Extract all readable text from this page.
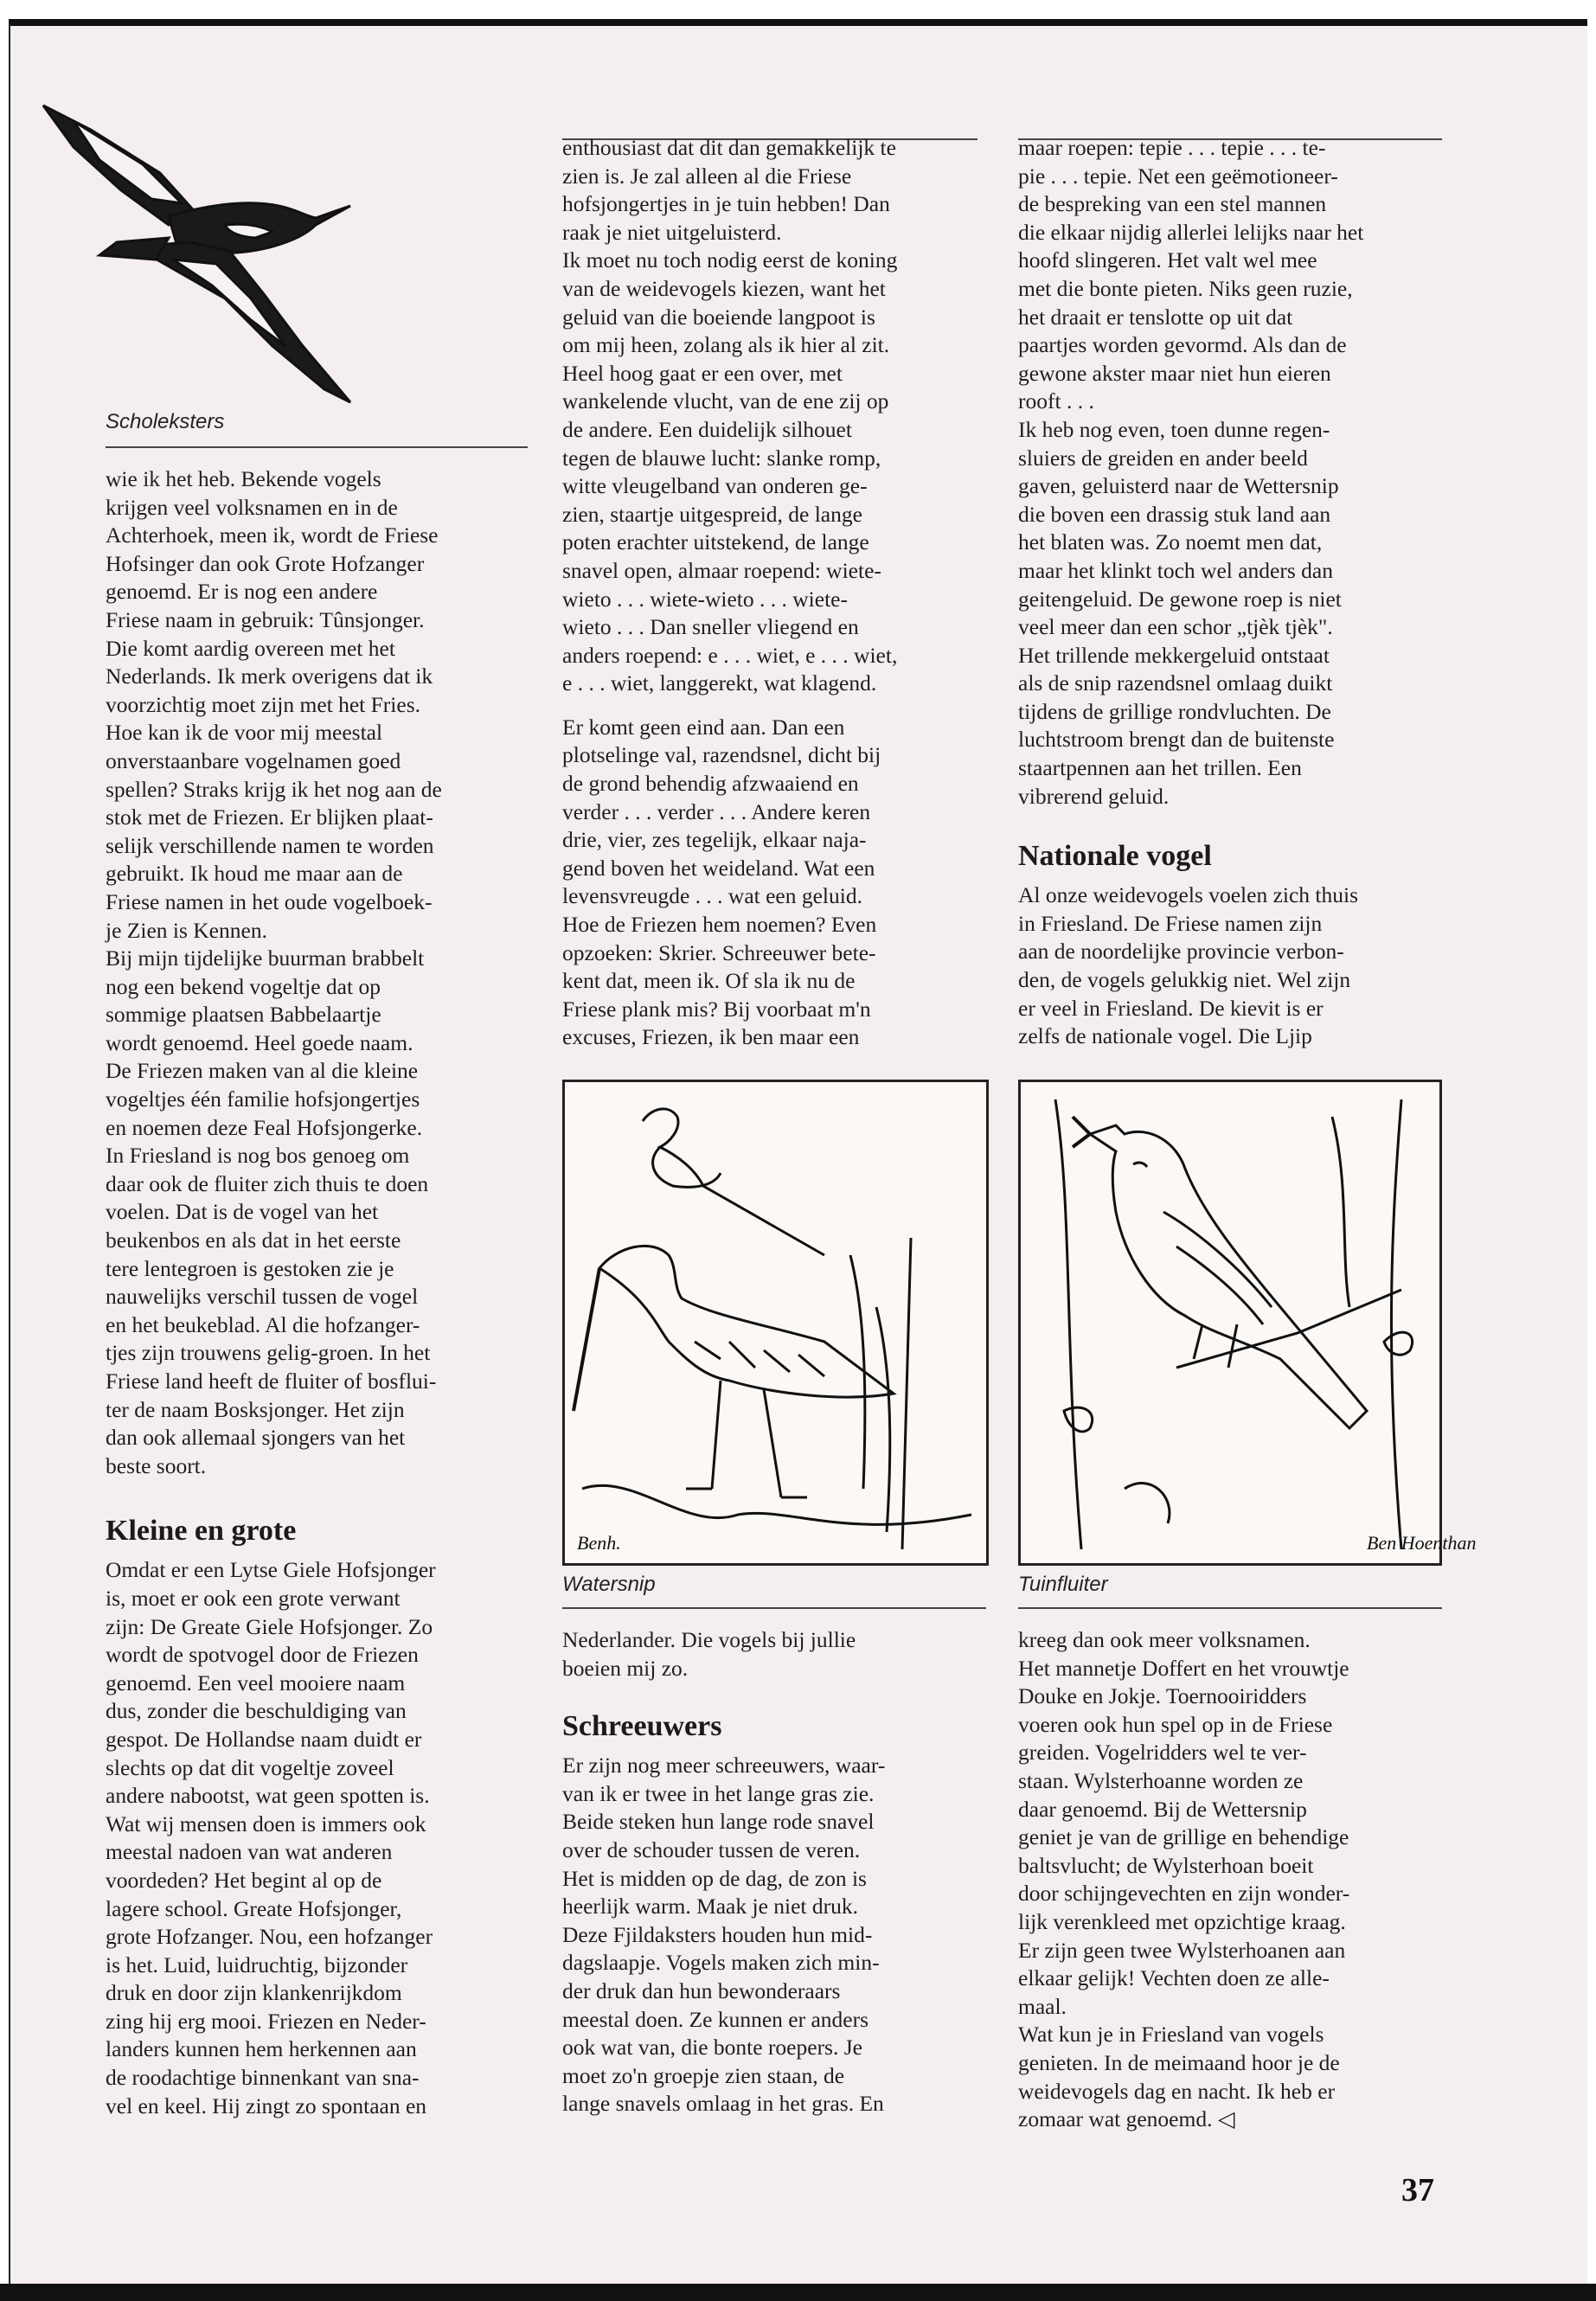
Scholeksters

wie ik het heb. Bekende vogels
krijgen veel volksnamen en in de
Achterhoek, meen ik, wordt de Friese
Hofsinger dan ook Grote Hofzanger
genoemd. Er is nog een andere
Friese naam in gebruik: Tûnsjonger.
Die komt aardig overeen met het
Nederlands. Ik merk overigens dat ik
voorzichtig moet zijn met het Fries.
Hoe kan ik de voor mij meestal
onverstaanbare vogelnamen goed
spellen? Straks krijg ik het nog aan de
stok met de Friezen. Er blijken plaat-
selijk verschillende namen te worden
gebruikt. Ik houd me maar aan de
Friese namen in het oude vogelboek-
je Zien is Kennen.
Bij mijn tijdelijke buurman brabbelt
nog een bekend vogeltje dat op
sommige plaatsen Babbelaartje
wordt genoemd. Heel goede naam.
De Friezen maken van al die kleine
vogeltjes één familie hofsjongertjes
en noemen deze Feal Hofsjongerke.
In Friesland is nog bos genoeg om
daar ook de fluiter zich thuis te doen
voelen. Dat is de vogel van het
beukenbos en als dat in het eerste
tere lentegroen is gestoken zie je
nauwelijks verschil tussen de vogel
en het beukeblad. Al die hofzanger-
tjes zijn trouwens gelig-groen. In het
Friese land heeft de fluiter of bosflui-
ter de naam Bosksjonger. Het zijn
dan ook allemaal sjongers van het
beste soort.

Kleine en grote

Omdat er een Lytse Giele Hofsjonger
is, moet er ook een grote verwant
zijn: De Greate Giele Hofsjonger. Zo
wordt de spotvogel door de Friezen
genoemd. Een veel mooiere naam
dus, zonder die beschuldiging van
gespot. De Hollandse naam duidt er
slechts op dat dit vogeltje zoveel
andere nabootst, wat geen spotten is.
Wat wij mensen doen is immers ook
meestal nadoen van wat anderen
voordeden? Het begint al op de
lagere school. Greate Hofsjonger,
grote Hofzanger. Nou, een hofzanger
is het. Luid, luidruchtig, bijzonder
druk en door zijn klankenrijkdom
zing hij erg mooi. Friezen en Neder-
landers kunnen hem herkennen aan
de roodachtige binnenkant van sna-
vel en keel. Hij zingt zo spontaan en

enthousiast dat dit dan gemakkelijk te
zien is. Je zal alleen al die Friese
hofsjongertjes in je tuin hebben! Dan
raak je niet uitgeluisterd.
Ik moet nu toch nodig eerst de koning
van de weidevogels kiezen, want het
geluid van die boeiende langpoot is
om mij heen, zolang als ik hier al zit.
Heel hoog gaat er een over, met
wankelende vlucht, van de ene zij op
de andere. Een duidelijk silhouet
tegen de blauwe lucht: slanke romp,
witte vleugelband van onderen ge-
zien, staartje uitgespreid, de lange
poten erachter uitstekend, de lange
snavel open, almaar roepend: wiete-
wieto . . . wiete-wieto . . . wiete-
wieto . . . Dan sneller vliegend en
anders roepend: e . . . wiet, e . . . wiet,
e . . . wiet, langgerekt, wat klagend.

Er komt geen eind aan. Dan een
plotselinge val, razendsnel, dicht bij
de grond behendig afzwaaiend en
verder . . . verder . . . Andere keren
drie, vier, zes tegelijk, elkaar naja-
gend boven het weideland. Wat een
levensvreugde . . . wat een geluid.
Hoe de Friezen hem noemen? Even
opzoeken: Skrier. Schreeuwer bete-
kent dat, meen ik. Of sla ik nu de
Friese plank mis? Bij voorbaat m'n
excuses, Friezen, ik ben maar een

Benh.

Watersnip

Nederlander. Die vogels bij jullie
boeien mij zo.

Schreeuwers

Er zijn nog meer schreeuwers, waar-
van ik er twee in het lange gras zie.
Beide steken hun lange rode snavel
over de schouder tussen de veren.
Het is midden op de dag, de zon is
heerlijk warm. Maak je niet druk.
Deze Fjildaksters houden hun mid-
dagslaapje. Vogels maken zich min-
der druk dan hun bewonderaars
meestal doen. Ze kunnen er anders
ook wat van, die bonte roepers. Je
moet zo'n groepje zien staan, de
lange snavels omlaag in het gras. En

maar roepen: tepie . . . tepie . . . te-
pie . . . tepie. Net een geëmotioneer-
de bespreking van een stel mannen
die elkaar nijdig allerlei lelijks naar het
hoofd slingeren. Het valt wel mee
met die bonte pieten. Niks geen ruzie,
het draait er tenslotte op uit dat
paartjes worden gevormd. Als dan de
gewone akster maar niet hun eieren
rooft . . .
Ik heb nog even, toen dunne regen-
sluiers de greiden en ander beeld
gaven, geluisterd naar de Wettersnip
die boven een drassig stuk land aan
het blaten was. Zo noemt men dat,
maar het klinkt toch wel anders dan
geitengeluid. De gewone roep is niet
veel meer dan een schor „tjèk tjèk".
Het trillende mekkergeluid ontstaat
als de snip razendsnel omlaag duikt
tijdens de grillige rondvluchten. De
luchtstroom brengt dan de buitenste
staartpennen aan het trillen. Een
vibrerend geluid.

Nationale vogel

Al onze weidevogels voelen zich thuis
in Friesland. De Friese namen zijn
aan de noordelijke provincie verbon-
den, de vogels gelukkig niet. Wel zijn
er veel in Friesland. De kievit is er
zelfs de nationale vogel. Die Ljip

Ben Hoenthan

Tuinfluiter

kreeg dan ook meer volksnamen.
Het mannetje Doffert en het vrouwtje
Douke en Jokje. Toernooiridders
voeren ook hun spel op in de Friese
greiden. Vogelridders wel te ver-
staan. Wylsterhoanne worden ze
daar genoemd. Bij de Wettersnip
geniet je van de grillige en behendige
baltsvlucht; de Wylsterhoan boeit
door schijngevechten en zijn wonder-
lijk verenkleed met opzichtige kraag.
Er zijn geen twee Wylsterhoanen aan
elkaar gelijk! Vechten doen ze alle-
maal.
Wat kun je in Friesland van vogels
genieten. In de meimaand hoor je de
weidevogels dag en nacht. Ik heb er
zomaar wat genoemd. ◁

37
